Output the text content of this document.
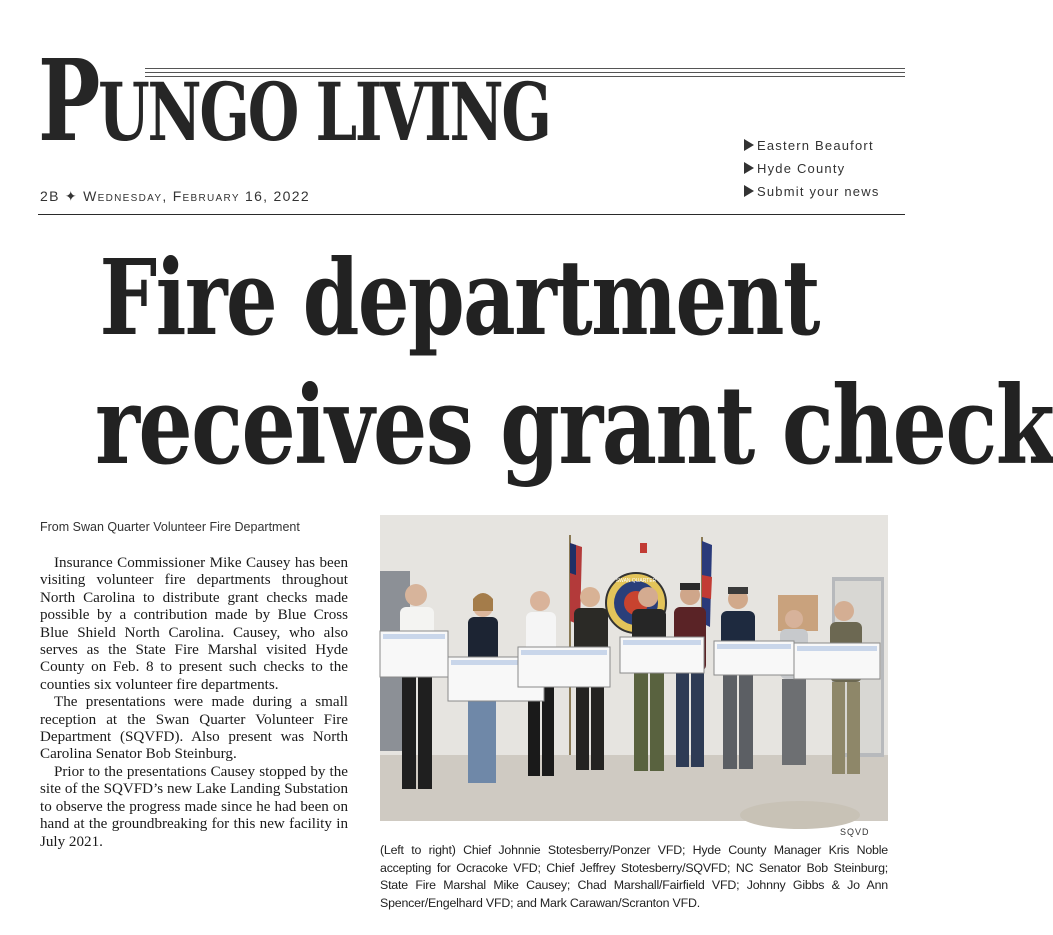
PUNGO LIVING	Eastern Beaufort
Hyde County
Submit your news
2B ✦ Wednesday, February 16, 2022
Fire department
receives grant check
From Swan Quarter Volunteer Fire Department

Insurance Commissioner Mike Causey has been visiting volunteer fire departments throughout North Carolina to distribute grant checks made possible by a contribution made by Blue Cross Blue Shield North Carolina. Causey, who also serves as the State Fire Marshal visited Hyde County on Feb. 8 to present such checks to the counties six volunteer fire departments.

The presentations were made during a small reception at the Swan Quarter Volunteer Fire Department (SQVFD). Also present was North Carolina Senator Bob Steinburg.

Prior to the presentations Causey stopped by the site of the SQVFD’s new Lake Landing Substation to observe the progress made since he had been on hand at the groundbreaking for this new facility in July 2021.

SWAN QUARTER
SQVD
(Left to right) Chief Johnnie Stotesberry/Ponzer VFD; Hyde County Manager Kris Noble accepting for Ocracoke VFD; Chief Jeffrey Stotesberry/SQVFD; NC Senator Bob Steinburg; State Fire Marshal Mike Causey; Chad Marshall/Fairfield VFD; Johnny Gibbs & Jo Ann Spencer/Engelhard VFD; and Mark Carawan/Scranton VFD.
